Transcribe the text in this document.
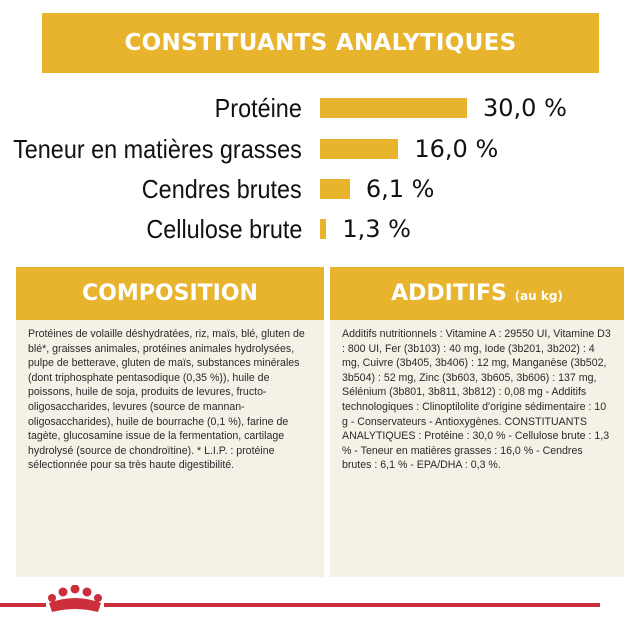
CONSTITUANTS ANALYTIQUES
Protéine	30,0 %
Teneur en matières grasses	16,0 %
Cendres brutes	6,1 %
Cellulose brute 1,3 %
COMPOSITION
Protéines de volaille déshydratées, riz, maïs, blé, gluten de blé*, graisses animales, protéines animales hydrolysées, pulpe de betterave, gluten de maïs, substances minérales (dont triphosphate pentasodique (0,35 %)), huile de poissons, huile de soja, produits de levures, fructo-oligosaccharides, levures (source de mannan-oligosaccharides), huile de bourrache (0,1 %), farine de tagète, glucosamine issue de la fermentation, cartilage hydrolysé (source de chondroïtine). * L.I.P. : protéine sélectionnée pour sa très haute digestibilité.
ADDITIFS (au kg)
Additifs nutritionnels : Vitamine A : 29550 UI, Vitamine D3 : 800 UI, Fer (3b103) : 40 mg, Iode (3b201, 3b202) : 4 mg, Cuivre (3b405, 3b406) : 12 mg, Manganèse (3b502, 3b504) : 52 mg, Zinc (3b603, 3b605, 3b606) : 137 mg, Sélénium (3b801, 3b811, 3b812) : 0,08 mg - Additifs technologiques : Clinoptilolite d'origine sédimentaire : 10 g - Conservateurs - Antioxygènes. CONSTITUANTS ANALYTIQUES : Protéine : 30,0 % - Cellulose brute : 1,3 % - Teneur en matières grasses : 16,0 % - Cendres brutes : 6,1 % - EPA/DHA : 0,3 %.
